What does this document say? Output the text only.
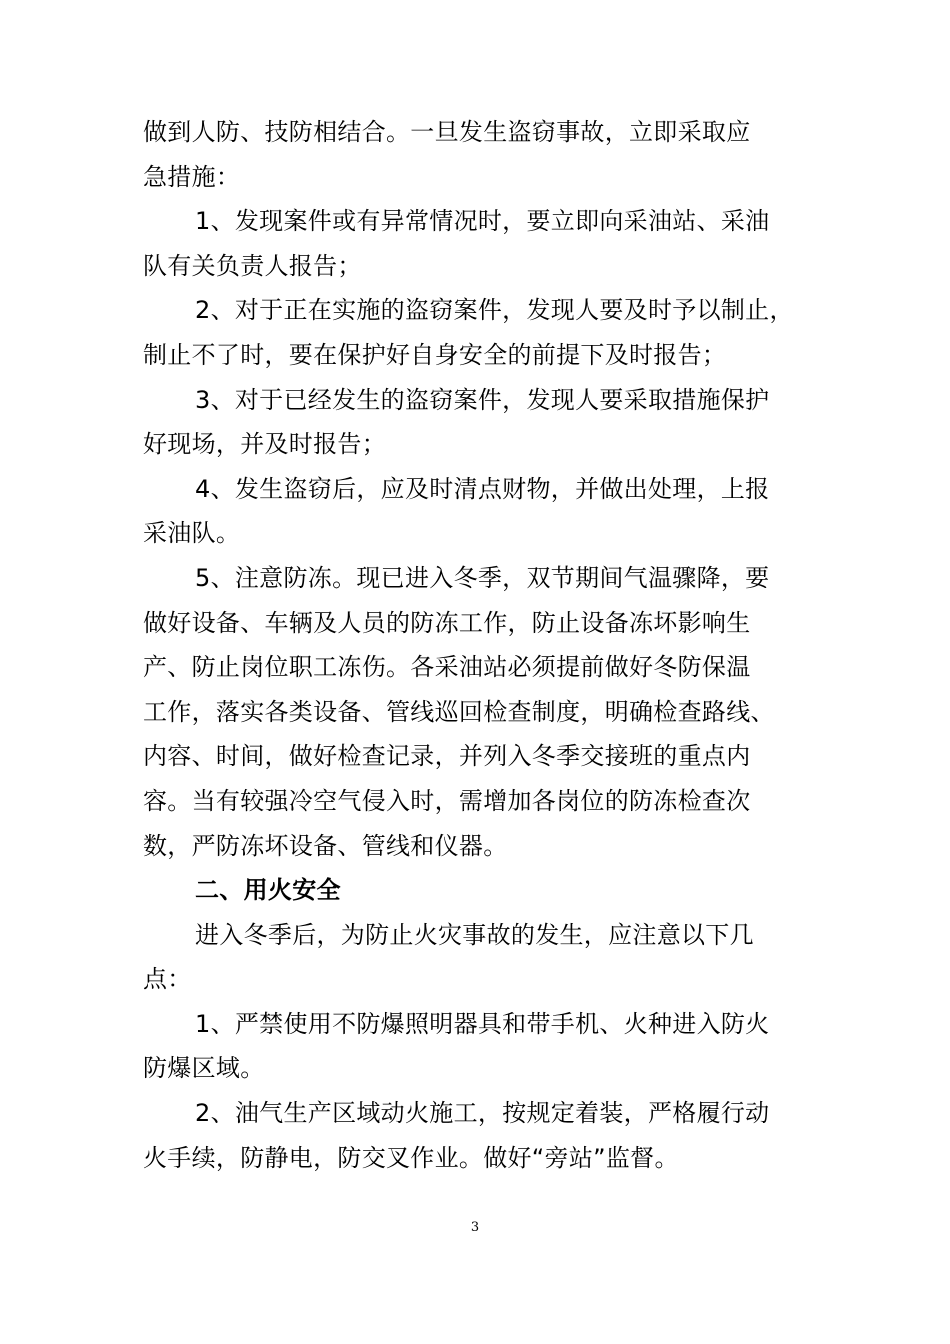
做到人防、技防相结合。一旦发生盗窃事故，立即采取应
急措施：
1、发现案件或有异常情况时，要立即向采油站、采油
队有关负责人报告；
2、对于正在实施的盗窃案件，发现人要及时予以制止，
制止不了时，要在保护好自身安全的前提下及时报告；
3、对于已经发生的盗窃案件，发现人要采取措施保护
好现场，并及时报告；
4、发生盗窃后，应及时清点财物，并做出处理，上报
采油队。
5、注意防冻。现已进入冬季，双节期间气温骤降，要
做好设备、车辆及人员的防冻工作，防止设备冻坏影响生
产、防止岗位职工冻伤。各采油站必须提前做好冬防保温
工作，落实各类设备、管线巡回检查制度，明确检查路线、
内容、时间，做好检查记录，并列入冬季交接班的重点内
容。当有较强冷空气侵入时，需增加各岗位的防冻检查次
数，严防冻坏设备、管线和仪器。
二、用火安全
进入冬季后，为防止火灾事故的发生，应注意以下几
点：
1、严禁使用不防爆照明器具和带手机、火种进入防火
防爆区域。
2、油气生产区域动火施工，按规定着装，严格履行动
火手续，防静电，防交叉作业。做好“旁站”监督。
3
